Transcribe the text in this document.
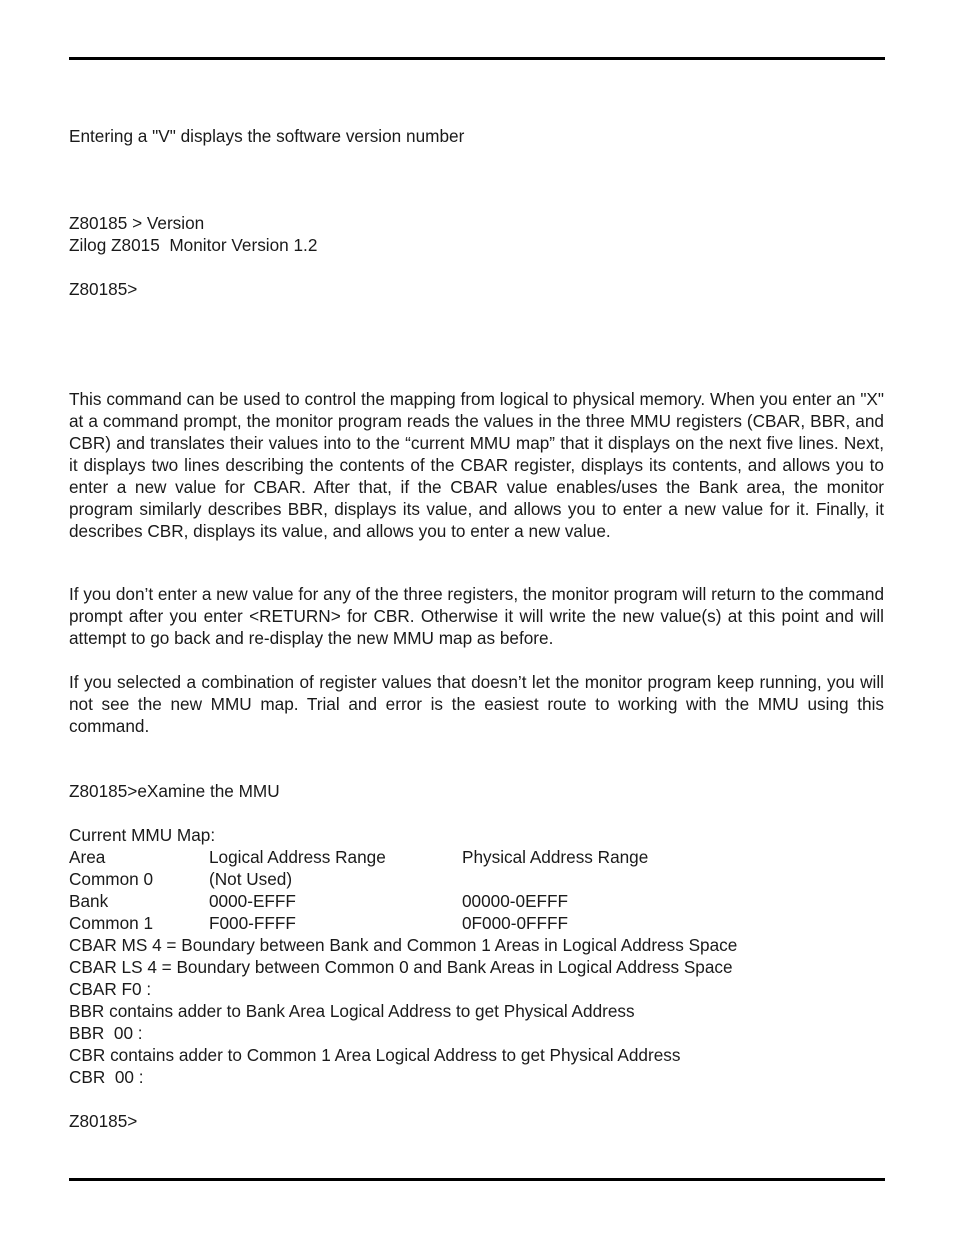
Entering a "V" displays the software version number
Z80185 > Version
Zilog Z8015  Monitor Version 1.2
Z80185>
This command can be used to control the mapping from logical to physical memory. When you enter an "X" at a command prompt, the monitor program reads the values in the three MMU registers (CBAR, BBR, and CBR) and translates their values into to the “current MMU map” that it displays on the next five lines. Next, it displays two lines describing the contents of the CBAR register, displays its contents, and allows you to enter a new value for CBAR. After that, if the CBAR value enables/uses the Bank area, the monitor program similarly describes BBR, displays its value, and allows you to enter a new value for it. Finally, it describes CBR, displays its value, and allows you to enter a new value.
If you don’t enter a new value for any of the three registers, the monitor program will return to the command prompt after you enter <RETURN> for CBR. Otherwise it will write the new value(s) at this point and will attempt to go back and re-display the new MMU map as before.
If you selected a combination of register values that doesn’t let the monitor program keep running, you will not see the new MMU map. Trial and error is the easiest route to working with the MMU using this command.
Z80185>eXamine the MMU
Current MMU Map:
Area	Logical Address Range	Physical Address Range
Common 0	(Not Used)
Bank	0000-EFFF	00000-0EFFF
Common 1	F000-FFFF	0F000-0FFFF
CBAR MS 4 = Boundary between Bank and Common 1 Areas in Logical Address Space
CBAR LS 4 = Boundary between Common 0 and Bank Areas in Logical Address Space
CBAR F0 :
BBR contains adder to Bank Area Logical Address to get Physical Address
BBR  00 :
CBR contains adder to Common 1 Area Logical Address to get Physical Address
CBR  00 :
Z80185>
